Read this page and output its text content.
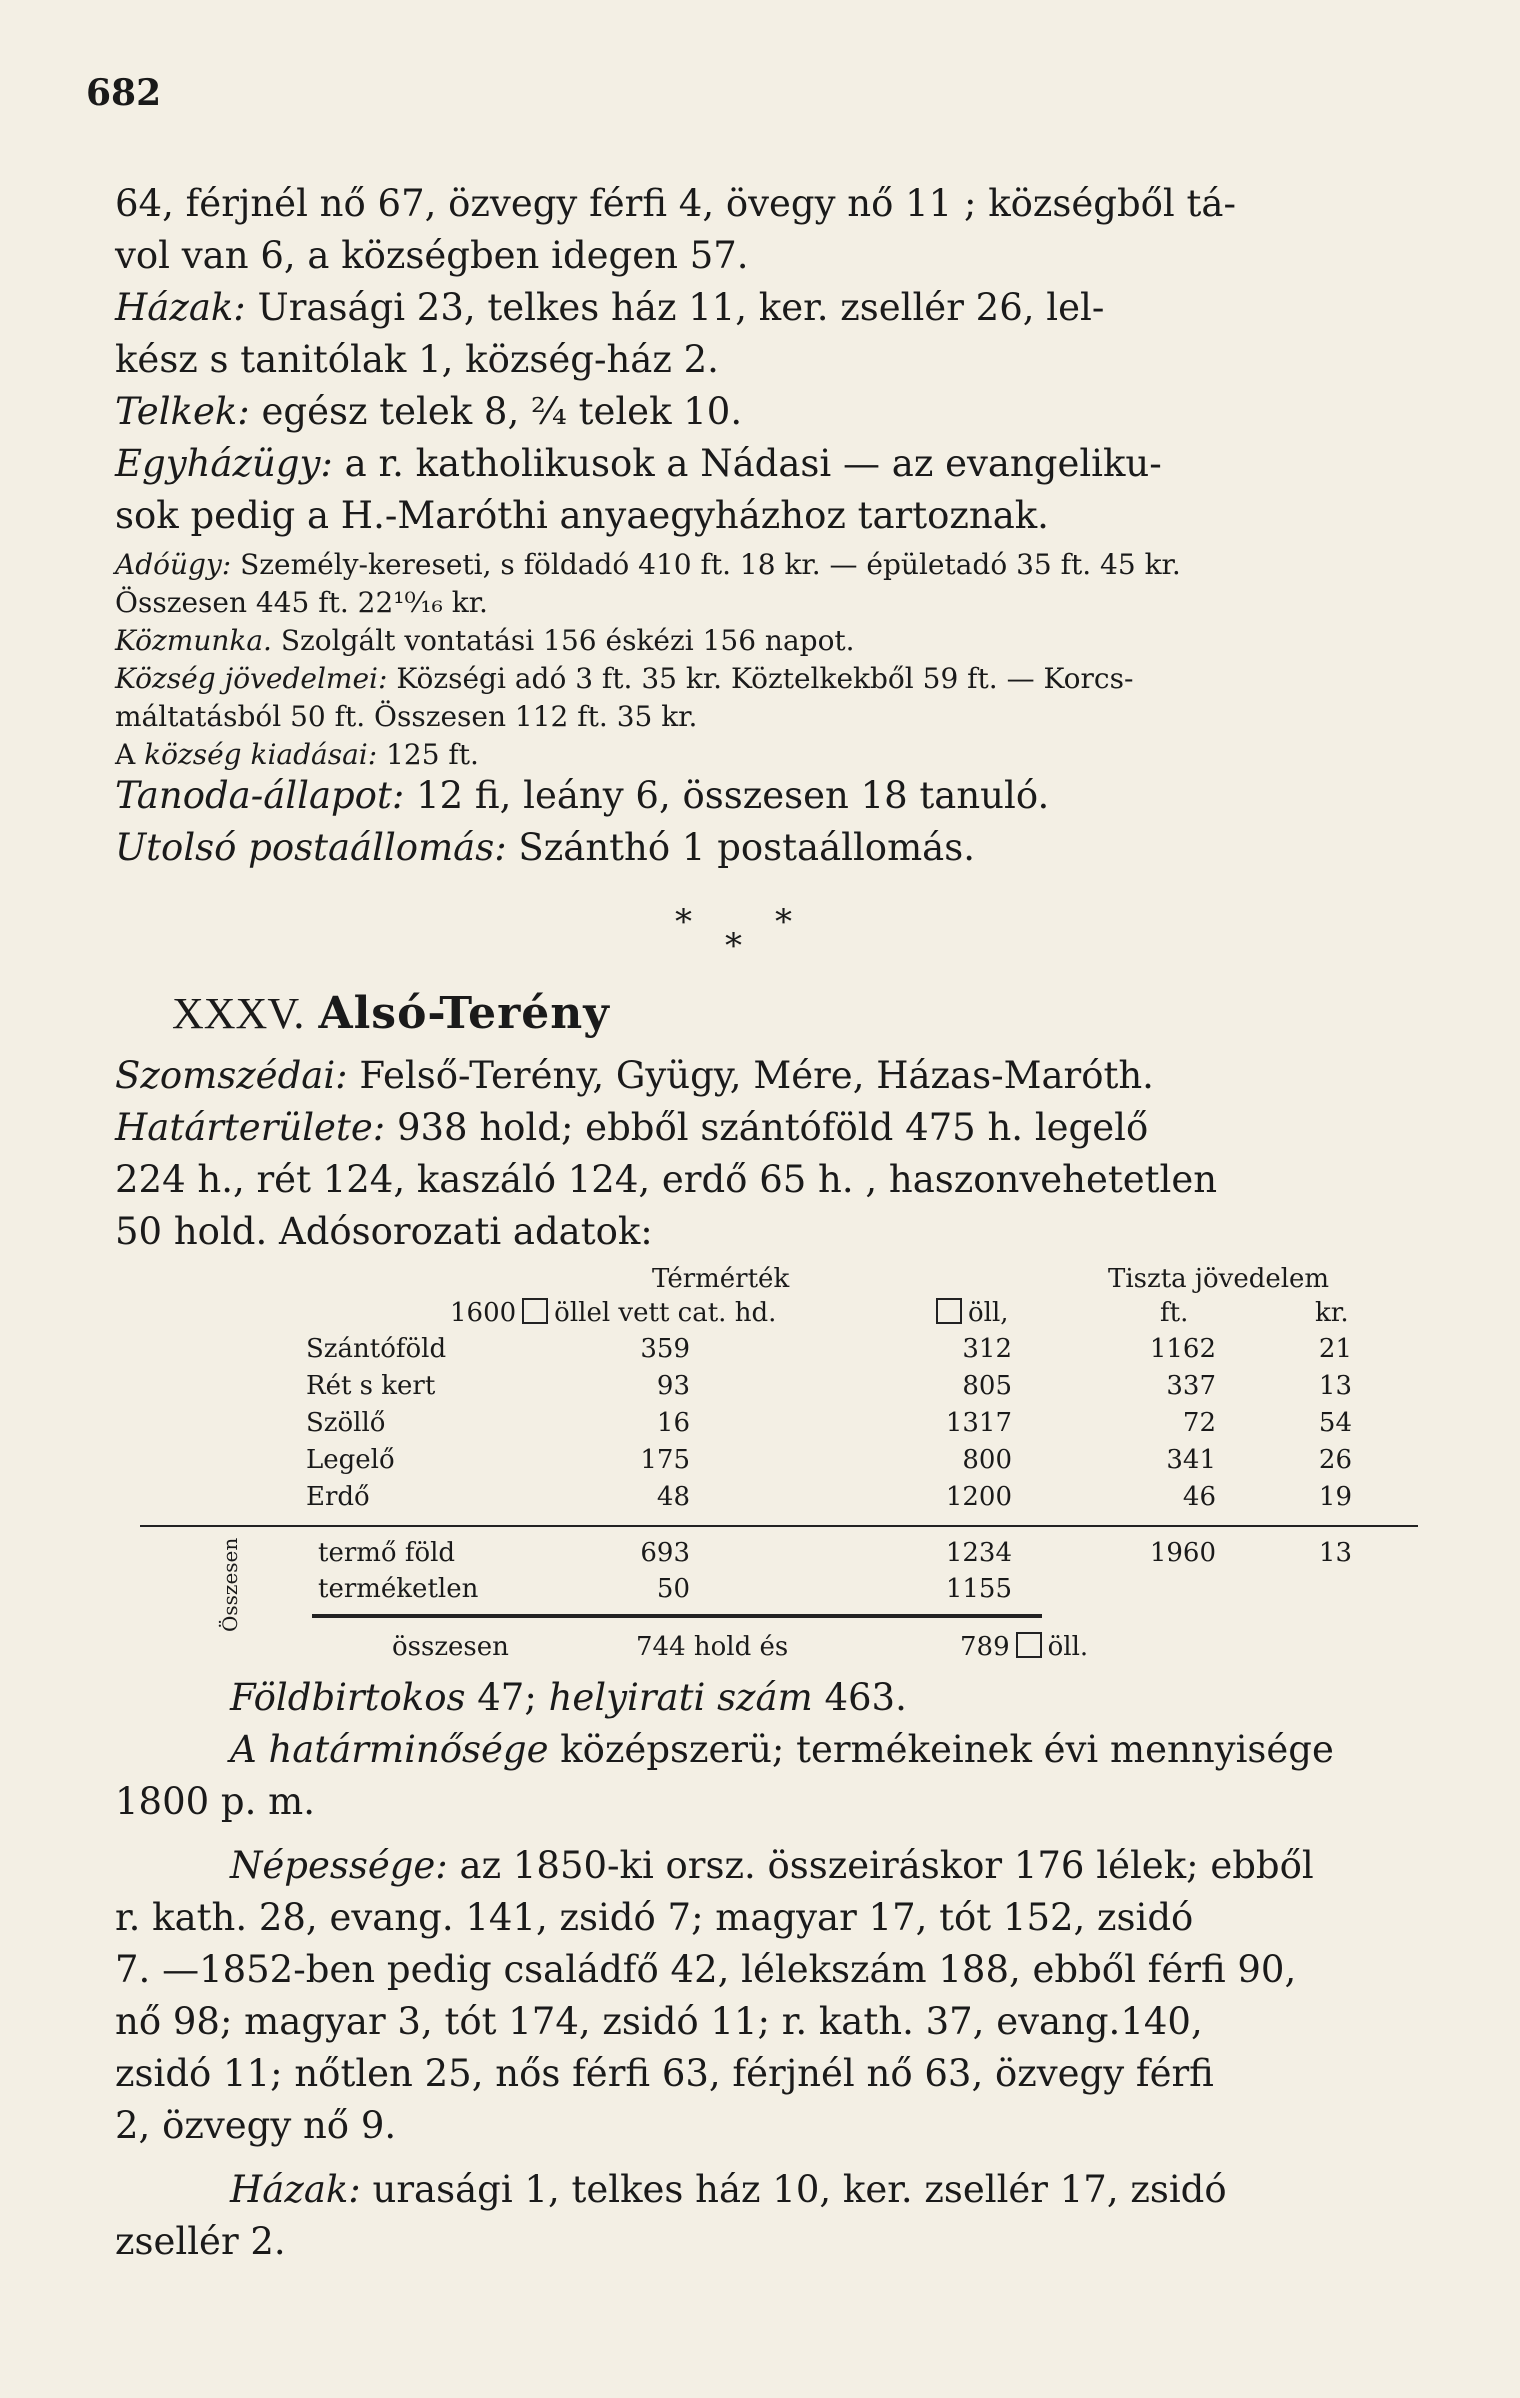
682
64, férjnél nő 67, özvegy férfi 4, övegy nő 11 ; községből tá-
vol van 6, a községben idegen 57.
Házak: Urasági 23, telkes ház 11, ker. zsellér 26, lel-
kész s tanitólak 1, község-ház 2.
Telkek: egész telek 8, ²⁄₄ telek 10.
Egyházügy: a r. katholikusok a Nádasi — az evangeliku-
sok pedig a H.-Maróthi anyaegyházhoz tartoznak.
Adóügy: Személy-kereseti, s földadó 410 ft. 18 kr. — épületadó 35 ft. 45 kr.
Összesen 445 ft. 22¹⁰⁄₁₆ kr.
Közmunka. Szolgált vontatási 156 éskézi 156 napot.
Község jövedelmei: Községi adó 3 ft. 35 kr. Köztelkekből 59 ft. — Korcs-
máltatásból 50 ft. Összesen 112 ft. 35 kr.
A község kiadásai: 125 ft.
Tanoda-állapot: 12 fi, leány 6, összesen 18 tanuló.
Utolsó postaállomás: Szánthó 1 postaállomás.
* *
*
XXXV. Alsó-Terény
Szomszédai: Felső-Terény, Gyügy, Mére, Házas-Maróth.
Határterülete: 938 hold; ebből szántóföld 475 h. legelő
224 h., rét 124, kaszáló 124, erdő 65 h. , haszonvehetetlen
50 hold. Adósorozati adatok:
Térmérték	Tiszta jövedelem
1600 öllel vett cat. hd.	öll,	ft.	kr.
Szántóföld	359	312	1162	21
Rét s kert	93	805	337	13
Szöllő	16	1317	72	54
Legelő	175	800	341	26
Erdő	48	1200	46	19
Összesen	termő föld	693	1234	1960	13
terméketlen	50	1155
összesen	744 hold és	789 öll.
Földbirtokos 47; helyirati szám 463.
A határminősége középszerü; termékeinek évi mennyisége
1800 p. m.
Népessége: az 1850-ki orsz. összeiráskor 176 lélek; ebből
r. kath. 28, evang. 141, zsidó 7; magyar 17, tót 152, zsidó
7. —1852-ben pedig családfő 42, lélekszám 188, ebből férfi 90,
nő 98; magyar 3, tót 174, zsidó 11; r. kath. 37, evang.140,
zsidó 11; nőtlen 25, nős férfi 63, férjnél nő 63, özvegy férfi
2, özvegy nő 9.
Házak: urasági 1, telkes ház 10, ker. zsellér 17, zsidó
zsellér 2.
